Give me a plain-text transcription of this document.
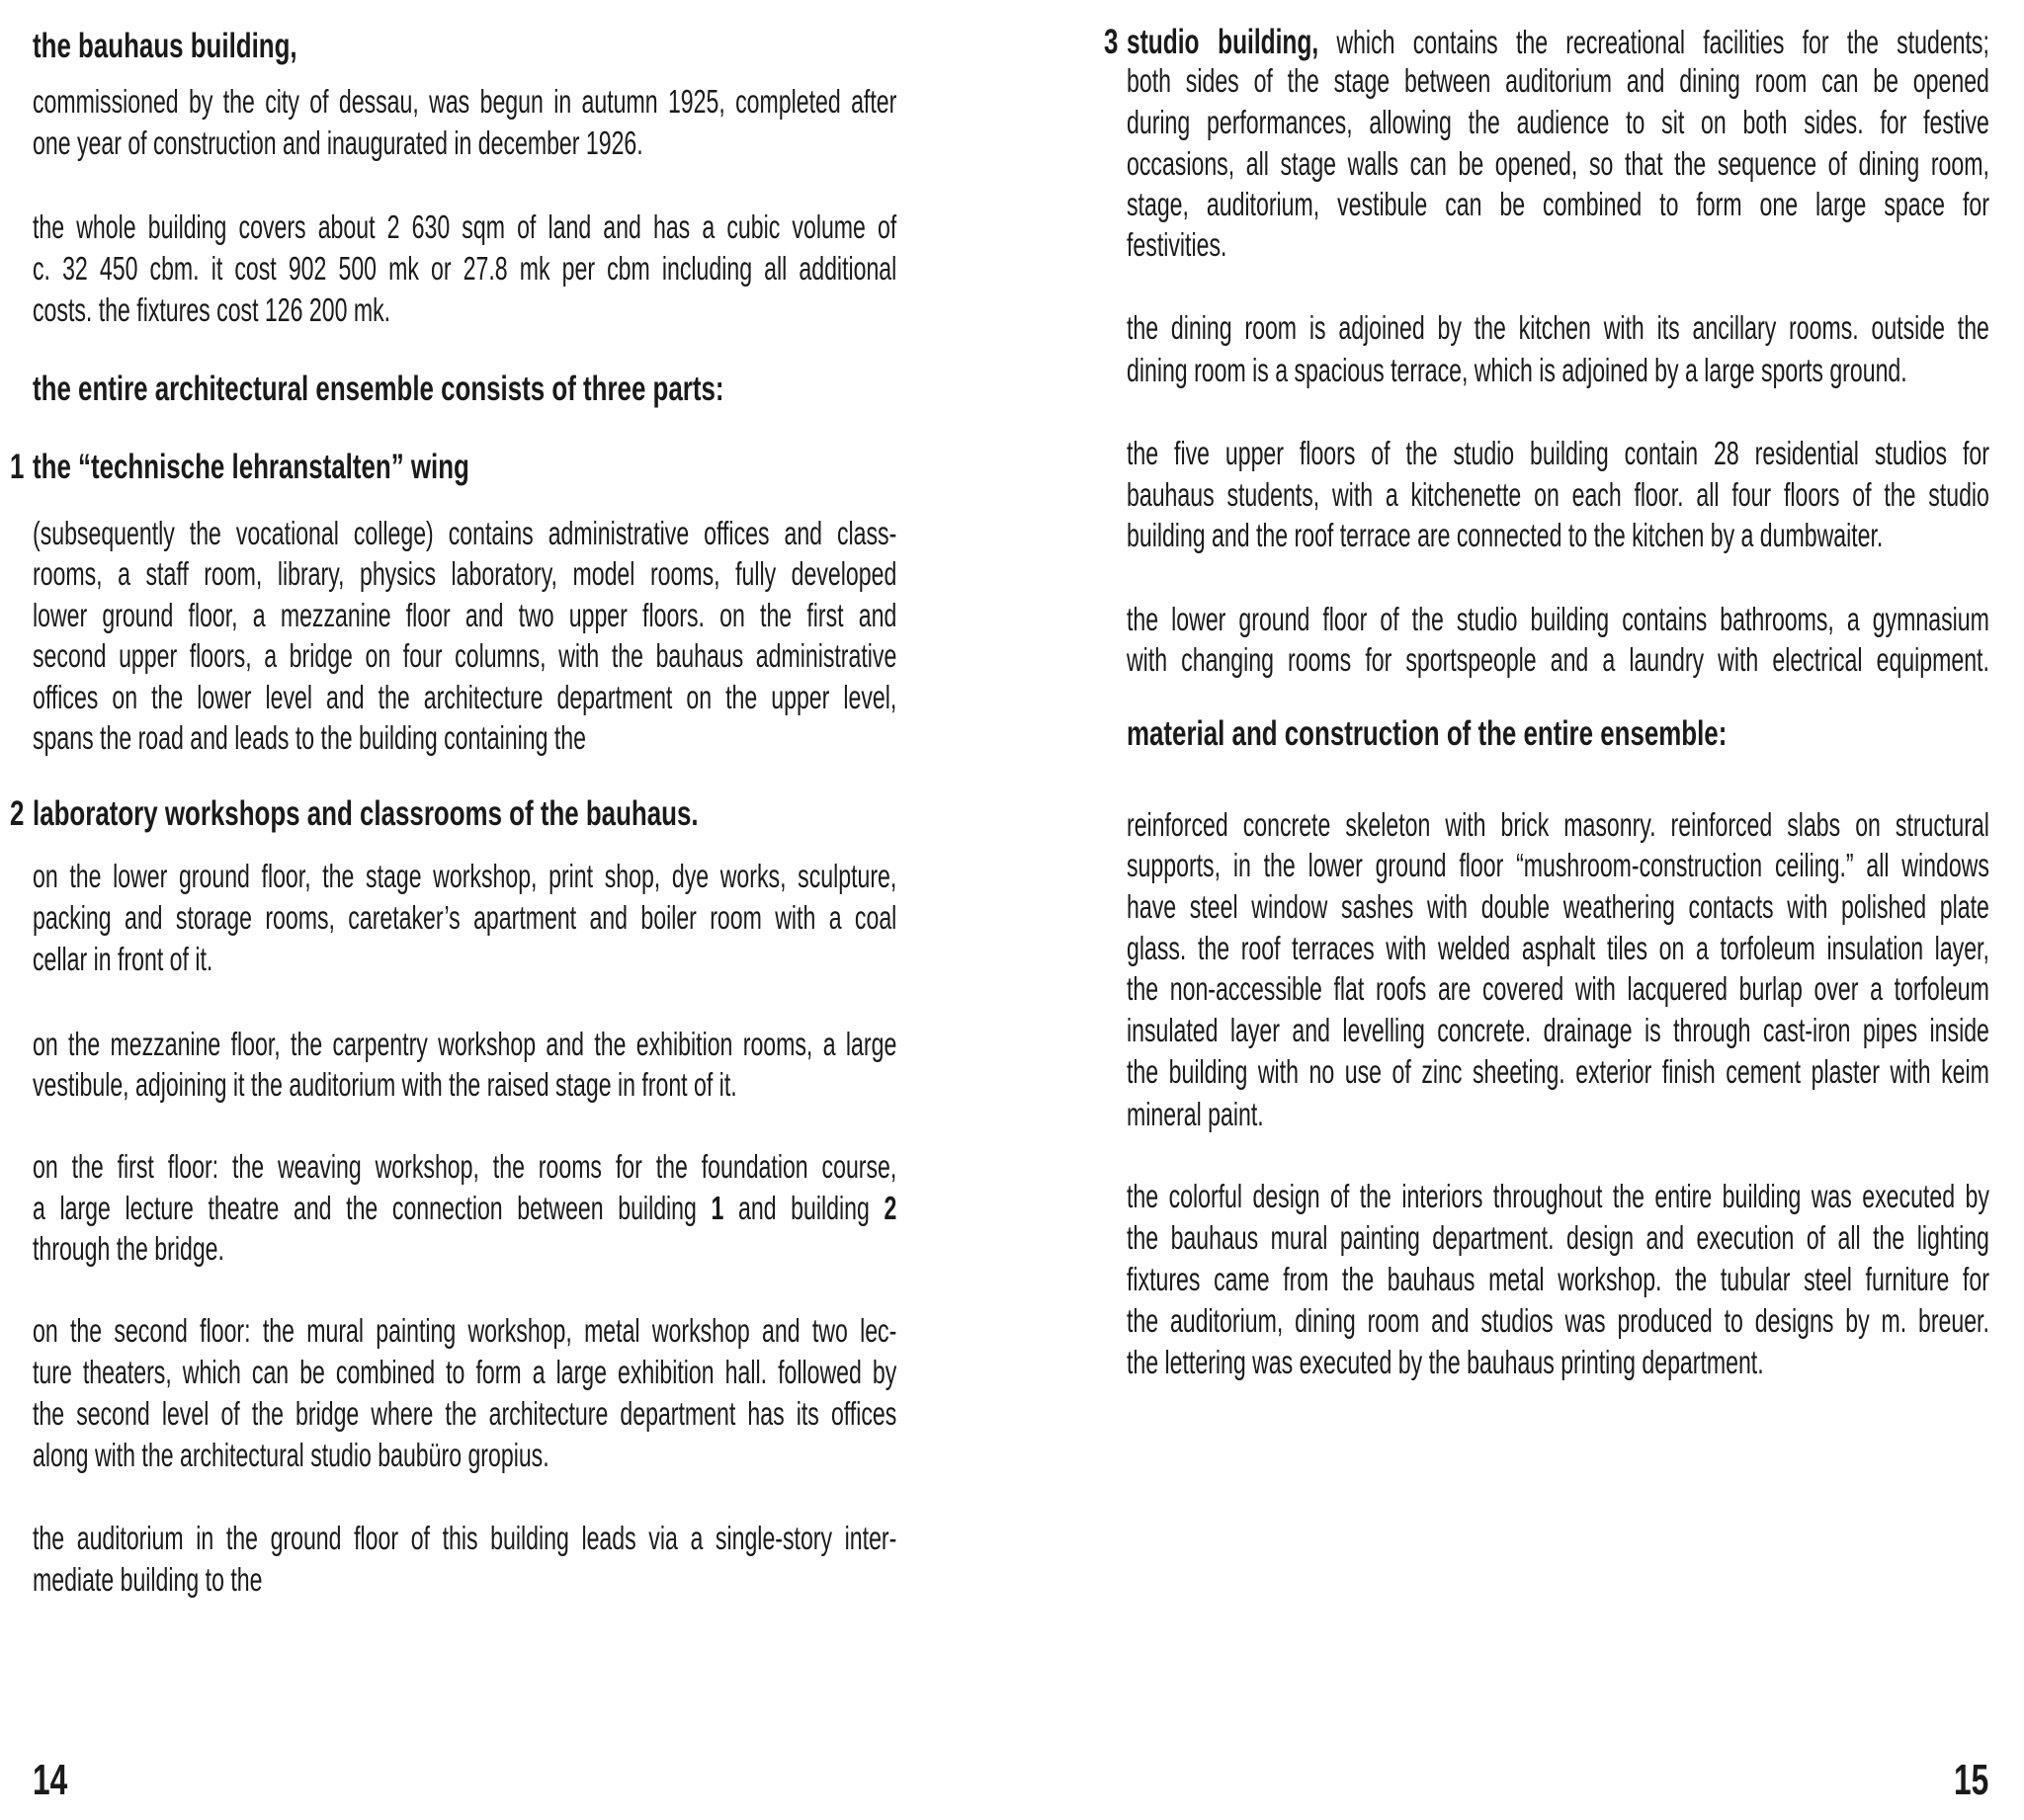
the bauhaus building,
commissioned by the city of dessau, was begun in autumn 1925, completed after
one year of construction and inaugurated in december 1926.
the whole building covers about 2 630 sqm of land and has a cubic volume of
c. 32 450 cbm. it cost 902 500 mk or 27.8 mk per cbm including all additional
costs. the fixtures cost 126 200 mk.
the entire architectural ensemble consists of three parts:
1 the “technische lehranstalten” wing
(subsequently the vocational college) contains administrative offices and class-
rooms, a staff room, library, physics laboratory, model rooms, fully developed
lower ground floor, a mezzanine floor and two upper floors. on the first and
second upper floors, a bridge on four columns, with the bauhaus administrative
offices on the lower level and the architecture department on the upper level,
spans the road and leads to the building containing the
2 laboratory workshops and classrooms of the bauhaus.
on the lower ground floor, the stage workshop, print shop, dye works, sculpture,
packing and storage rooms, caretaker’s apartment and boiler room with a coal
cellar in front of it.
on the mezzanine floor, the carpentry workshop and the exhibition rooms, a large
vestibule, adjoining it the auditorium with the raised stage in front of it.
on the first floor: the weaving workshop, the rooms for the foundation course,
a large lecture theatre and the connection between building 1 and building 2
through the bridge.
on the second floor: the mural painting workshop, metal workshop and two lec-
ture theaters, which can be combined to form a large exhibition hall. followed by
the second level of the bridge where the architecture department has its offices
along with the architectural studio baubüro gropius.
the auditorium in the ground floor of this building leads via a single-story inter-
mediate building to the
14
3 studio building, which contains the recreational facilities for the students;
both sides of the stage between auditorium and dining room can be opened
during performances, allowing the audience to sit on both sides. for festive
occasions, all stage walls can be opened, so that the sequence of dining room,
stage, auditorium, vestibule can be combined to form one large space for
festivities.
the dining room is adjoined by the kitchen with its ancillary rooms. outside the
dining room is a spacious terrace, which is adjoined by a large sports ground.
the five upper floors of the studio building contain 28 residential studios for
bauhaus students, with a kitchenette on each floor. all four floors of the studio
building and the roof terrace are connected to the kitchen by a dumbwaiter.
the lower ground floor of the studio building contains bathrooms, a gymnasium
with changing rooms for sportspeople and a laundry with electrical equipment.
material and construction of the entire ensemble:
reinforced concrete skeleton with brick masonry. reinforced slabs on structural
supports, in the lower ground floor “mushroom-construction ceiling.” all windows
have steel window sashes with double weathering contacts with polished plate
glass. the roof terraces with welded asphalt tiles on a torfoleum insulation layer,
the non-accessible flat roofs are covered with lacquered burlap over a torfoleum
insulated layer and levelling concrete. drainage is through cast-iron pipes inside
the building with no use of zinc sheeting. exterior finish cement plaster with keim
mineral paint.
the colorful design of the interiors throughout the entire building was executed by
the bauhaus mural painting department. design and execution of all the lighting
fixtures came from the bauhaus metal workshop. the tubular steel furniture for
the auditorium, dining room and studios was produced to designs by m. breuer.
the lettering was executed by the bauhaus printing department.
15
